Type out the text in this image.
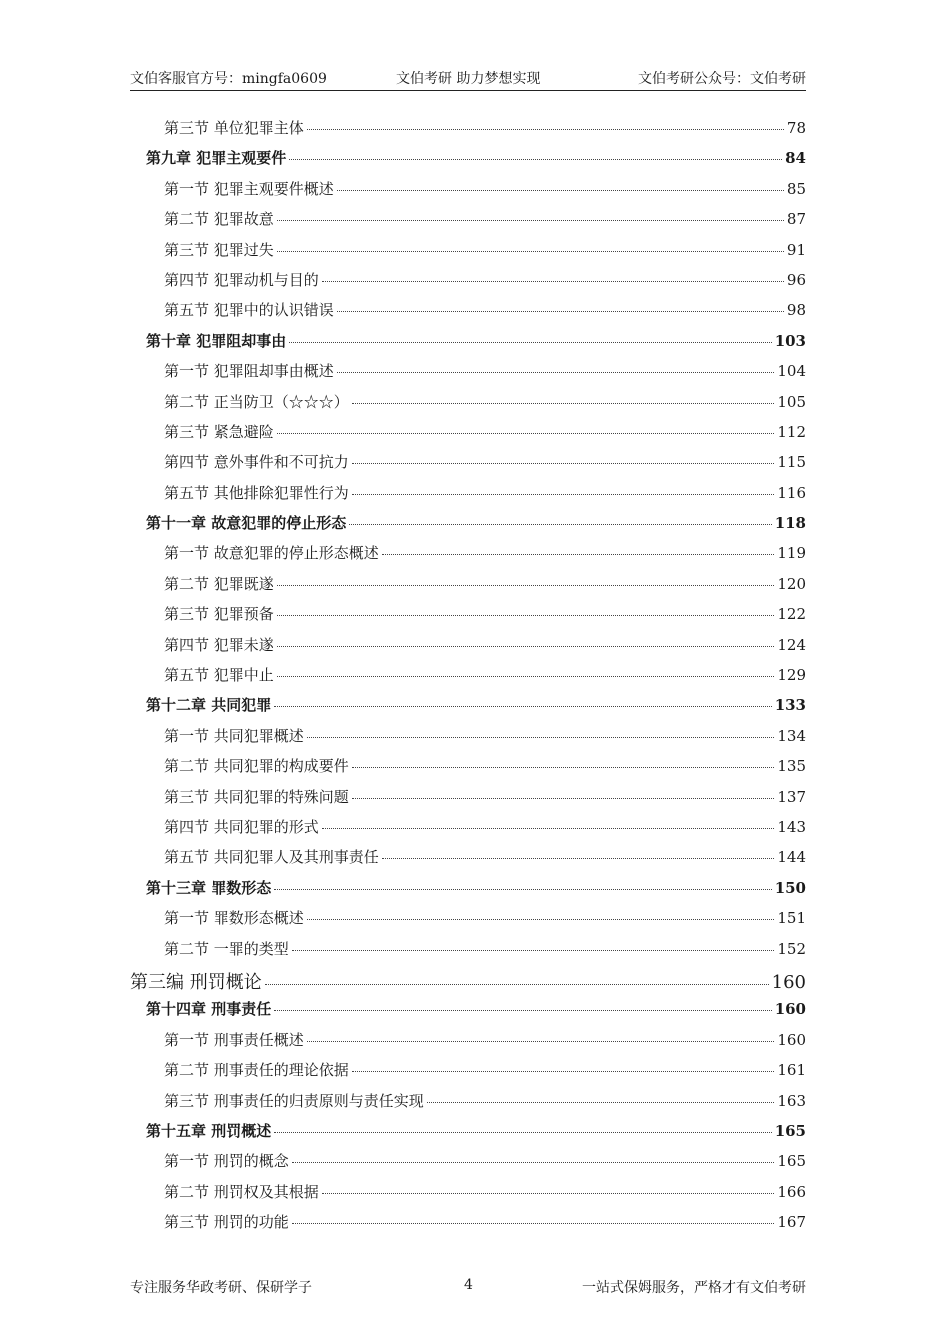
文伯客服官方号：mingfa0609	文伯考研 助力梦想实现	文伯考研公众号：文伯考研
第三节 单位犯罪主体	78
第九章 犯罪主观要件	84
第一节 犯罪主观要件概述	85
第二节 犯罪故意	87
第三节 犯罪过失	91
第四节 犯罪动机与目的	96
第五节 犯罪中的认识错误	98
第十章 犯罪阻却事由	103
第一节 犯罪阻却事由概述	104
第二节 正当防卫（☆☆☆）	105
第三节 紧急避险	112
第四节 意外事件和不可抗力	115
第五节 其他排除犯罪性行为	116
第十一章 故意犯罪的停止形态	118
第一节 故意犯罪的停止形态概述	119
第二节 犯罪既遂	120
第三节 犯罪预备	122
第四节 犯罪未遂	124
第五节 犯罪中止	129
第十二章 共同犯罪	133
第一节 共同犯罪概述	134
第二节 共同犯罪的构成要件	135
第三节 共同犯罪的特殊问题	137
第四节 共同犯罪的形式	143
第五节 共同犯罪人及其刑事责任	144
第十三章 罪数形态	150
第一节 罪数形态概述	151
第二节 一罪的类型	152
第三编 刑罚概论	160
第十四章 刑事责任	160
第一节 刑事责任概述	160
第二节 刑事责任的理论依据	161
第三节 刑事责任的归责原则与责任实现	163
第十五章 刑罚概述	165
第一节 刑罚的概念	165
第二节 刑罚权及其根据	166
第三节 刑罚的功能	167
专注服务华政考研、保研学子	4	一站式保姆服务，严格才有文伯考研
